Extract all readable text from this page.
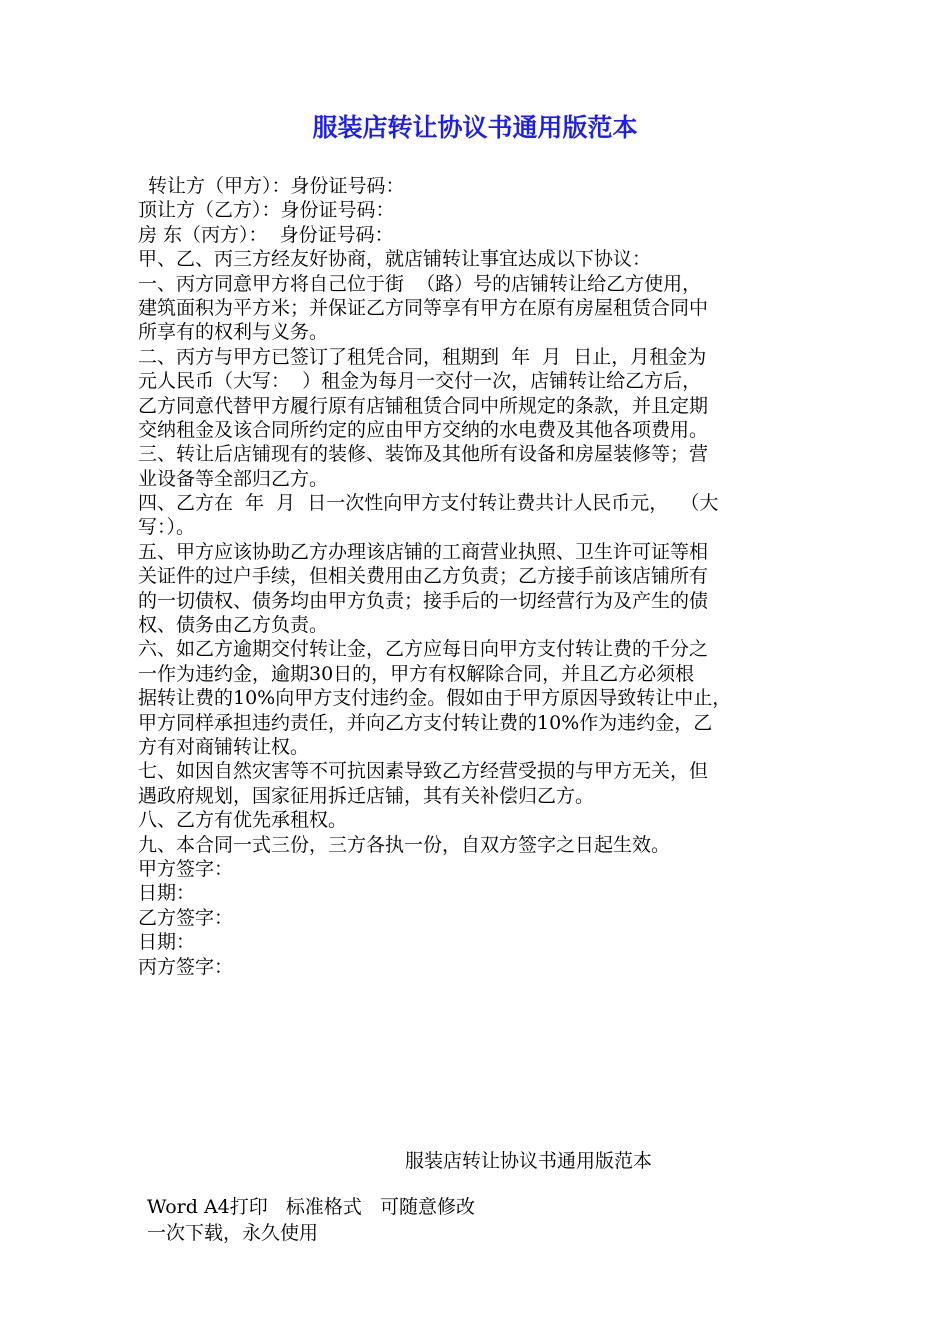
服装店转让协议书通用版范本
转让方（甲方）：身份证号码：
顶让方（乙方）：身份证号码：
房 东（丙方）：  身份证号码：
甲、乙、丙三方经友好协商，就店铺转让事宜达成以下协议：
一、丙方同意甲方将自己位于街  （路）号的店铺转让给乙方使用，
建筑面积为平方米；并保证乙方同等享有甲方在原有房屋租赁合同中
所享有的权利与义务。
二、丙方与甲方已签订了租凭合同，租期到  年  月  日止，月租金为
元人民币（大写：  ）租金为每月一交付一次，店铺转让给乙方后，
乙方同意代替甲方履行原有店铺租赁合同中所规定的条款，并且定期
交纳租金及该合同所约定的应由甲方交纳的水电费及其他各项费用。
三、转让后店铺现有的装修、装饰及其他所有设备和房屋装修等；营
业设备等全部归乙方。
四、乙方在  年  月  日一次性向甲方支付转让费共计人民币元，  （大
写：）。
五、甲方应该协助乙方办理该店铺的工商营业执照、卫生许可证等相
关证件的过户手续，但相关费用由乙方负责；乙方接手前该店铺所有
的一切债权、债务均由甲方负责；接手后的一切经营行为及产生的债
权、债务由乙方负责。
六、如乙方逾期交付转让金，乙方应每日向甲方支付转让费的千分之
一作为违约金，逾期30日的，甲方有权解除合同，并且乙方必须根
据转让费的10%向甲方支付违约金。假如由于甲方原因导致转让中止，
甲方同样承担违约责任，并向乙方支付转让费的10%作为违约金，乙
方有对商铺转让权。
七、如因自然灾害等不可抗因素导致乙方经营受损的与甲方无关，但
遇政府规划，国家征用拆迁店铺，其有关补偿归乙方。
八、乙方有优先承租权。
九、本合同一式三份，三方各执一份，自双方签字之日起生效。
甲方签字：
日期：
乙方签字：
日期：
丙方签字：
服装店转让协议书通用版范本
Word A4打印   标准格式   可随意修改
一次下载，永久使用
